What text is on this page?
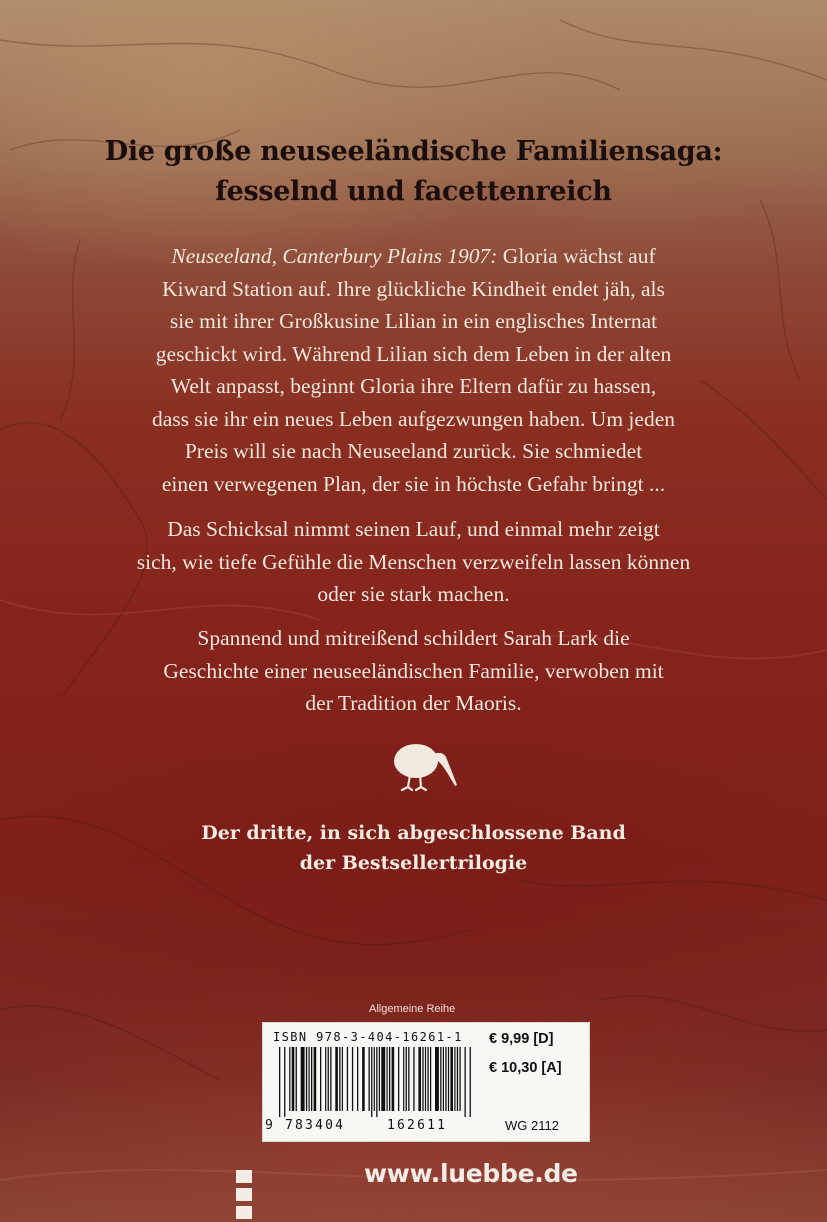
Die große neuseeländische Familiensaga:
fesselnd und facettenreich

Neuseeland, Canterbury Plains 1907: Gloria wächst auf
Kiward Station auf. Ihre glückliche Kindheit endet jäh, als
sie mit ihrer Großkusine Lilian in ein englisches Internat
geschickt wird. Während Lilian sich dem Leben in der alten
Welt anpasst, beginnt Gloria ihre Eltern dafür zu hassen,
dass sie ihr ein neues Leben aufgezwungen haben. Um jeden
Preis will sie nach Neuseeland zurück. Sie schmiedet
einen verwegenen Plan, der sie in höchste Gefahr bringt ...

Das Schicksal nimmt seinen Lauf, und einmal mehr zeigt
sich, wie tiefe Gefühle die Menschen verzweifeln lassen können
oder sie stark machen.

Spannend und mitreißend schildert Sarah Lark die
Geschichte einer neuseeländischen Familie, verwoben mit
der Tradition der Maoris.

Der dritte, in sich abgeschlossene Band
der Bestsellertrilogie

Allgemeine Reihe
ISBN 978-3-404-16261-1
9 783404	162611
€ 9,99 [D]
€ 10,30 [A]
WG 2112
www.luebbe.de
